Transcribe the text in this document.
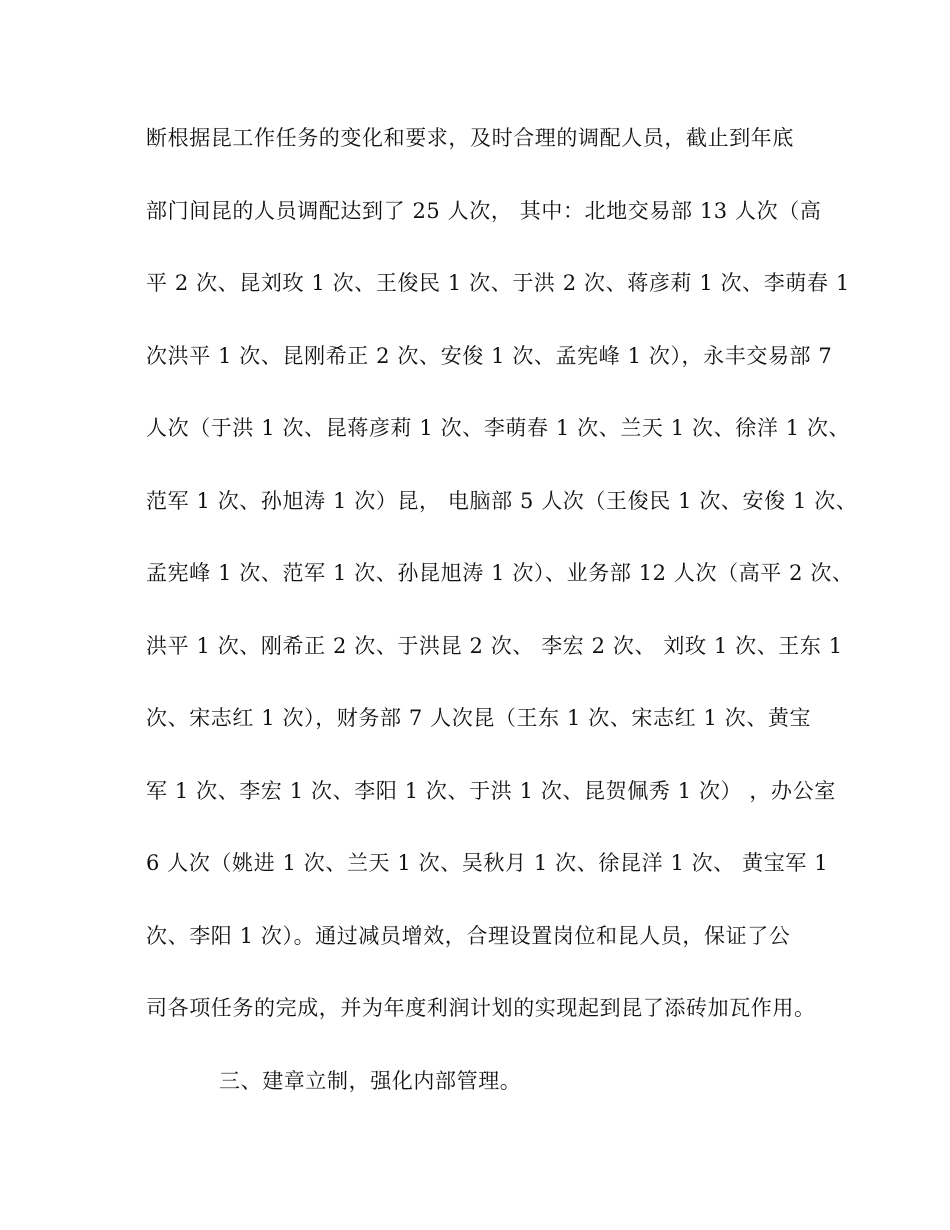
断根据昆工作任务的变化和要求，及时合理的调配人员，截止到年底
部门间昆的人员调配达到了 25 人次， 其中：北地交易部 13 人次（高
平 2 次、昆刘玫 1 次、王俊民 1 次、于洪 2 次、蒋彦莉 1 次、李萌春 1
次洪平 1 次、昆刚希正 2 次、安俊 1 次、孟宪峰 1 次），永丰交易部 7
人次（于洪 1 次、昆蒋彦莉 1 次、李萌春 1 次、兰天 1 次、徐洋 1 次、
范军 1 次、孙旭涛 1 次）昆， 电脑部 5 人次（王俊民 1 次、安俊 1 次、
孟宪峰 1 次、范军 1 次、孙昆旭涛 1 次）、业务部 12 人次（高平 2 次、
洪平 1 次、刚希正 2 次、于洪昆 2 次、 李宏 2 次、 刘玫 1 次、王东 1
次、宋志红 1 次），财务部 7 人次昆（王东 1 次、宋志红 1 次、黄宝
军 1 次、李宏 1 次、李阳 1 次、于洪 1 次、昆贺佩秀 1 次） ，办公室
6 人次（姚进 1 次、兰天 1 次、吴秋月 1 次、徐昆洋 1 次、 黄宝军 1
次、李阳 1 次）。通过减员增效，合理设置岗位和昆人员，保证了公
司各项任务的完成，并为年度利润计划的实现起到昆了添砖加瓦作用。
三、建章立制，强化内部管理。
